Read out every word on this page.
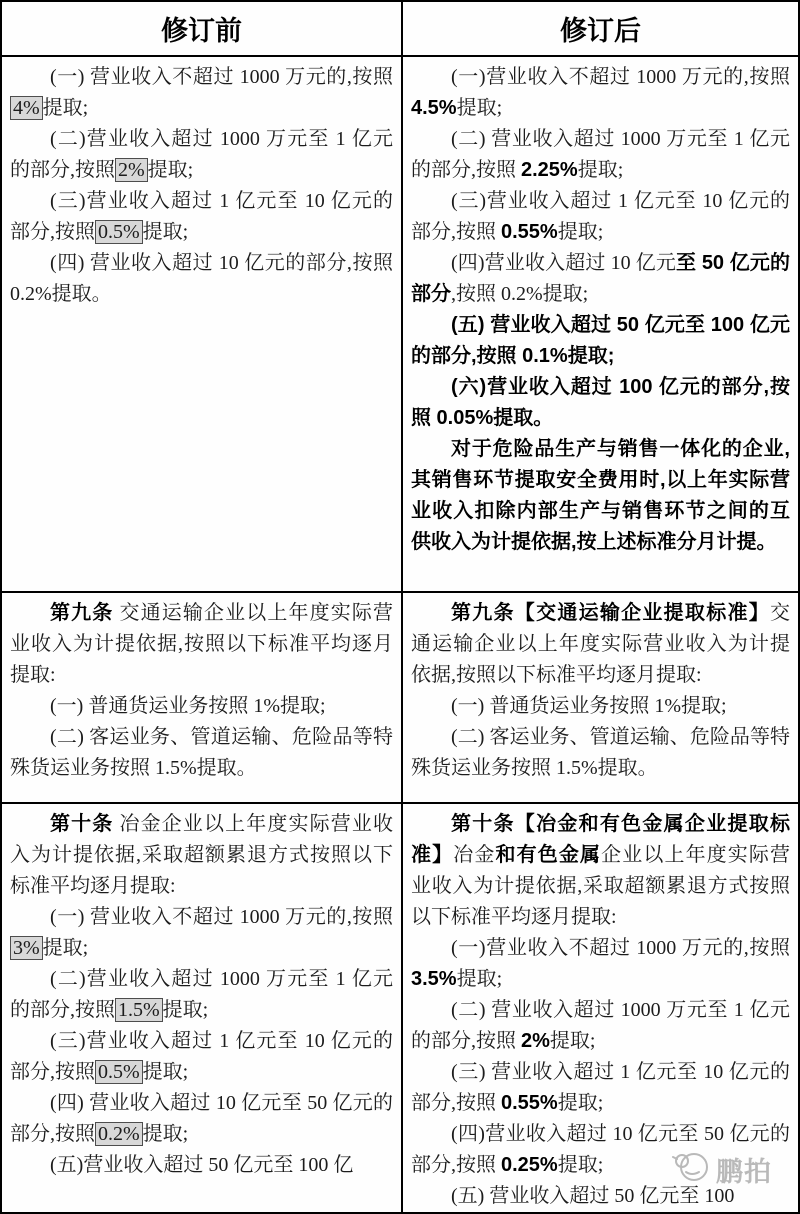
修订前	修订后

(一) 营业收入不超过 1000 万元的,按照4% 提取;

(二)营业收入超过 1000 万元至 1 亿元的部分,按照 2% 提取;

(三)营业收入超过 1 亿元至 10 亿元的部分,按照 0.5% 提取;

(四) 营业收入超过 10 亿元的部分,按照 0.2%提取。

(一)营业收入不超过 1000 万元的,按照 4.5%提取;

(二) 营业收入超过 1000 万元至 1 亿元的部分,按照 2.25%提取;

(三)营业收入超过 1 亿元至 10 亿元的部分,按照 0.55%提取;

(四)营业收入超过 10 亿元至 50 亿元的部分,按照 0.2%提取;

(五) 营业收入超过 50 亿元至 100 亿元的部分,按照 0.1%提取;

(六)营业收入超过 100 亿元的部分,按照 0.05%提取。

对于危险品生产与销售一体化的企业,其销售环节提取安全费用时,以上年实际营业收入扣除内部生产与销售环节之间的互供收入为计提依据,按上述标准分月计提。

第九条 交通运输企业以上年度实际营业收入为计提依据,按照以下标准平均逐月提取:

(一) 普通货运业务按照 1%提取;

(二) 客运业务、管道运输、危险品等特殊货运业务按照 1.5%提取。

第九条【交通运输企业提取标准】交通运输企业以上年度实际营业收入为计提依据,按照以下标准平均逐月提取:

(一) 普通货运业务按照 1%提取;

(二) 客运业务、管道运输、危险品等特殊货运业务按照 1.5%提取。

第十条 冶金企业以上年度实际营业收入为计提依据,采取超额累退方式按照以下标准平均逐月提取:

(一) 营业收入不超过 1000 万元的,按照3% 提取;

(二)营业收入超过 1000 万元至 1 亿元的部分,按照 1.5% 提取;

(三)营业收入超过 1 亿元至 10 亿元的部分,按照 0.5% 提取;

(四) 营业收入超过 10 亿元至 50 亿元的部分,按照 0.2% 提取;

(五)营业收入超过 50 亿元至 100 亿

第十条【冶金和有色金属企业提取标准】冶金和有色金属企业以上年度实际营业收入为计提依据,采取超额累退方式按照以下标准平均逐月提取:

(一)营业收入不超过 1000 万元的,按照 3.5%提取;

(二) 营业收入超过 1000 万元至 1 亿元的部分,按照 2%提取;

(三) 营业收入超过 1 亿元至 10 亿元的部分,按照 0.55%提取;

(四)营业收入超过 10 亿元至 50 亿元的部分,按照 0.25%提取;

(五) 营业收入超过 50 亿元至 100

鹏拍
